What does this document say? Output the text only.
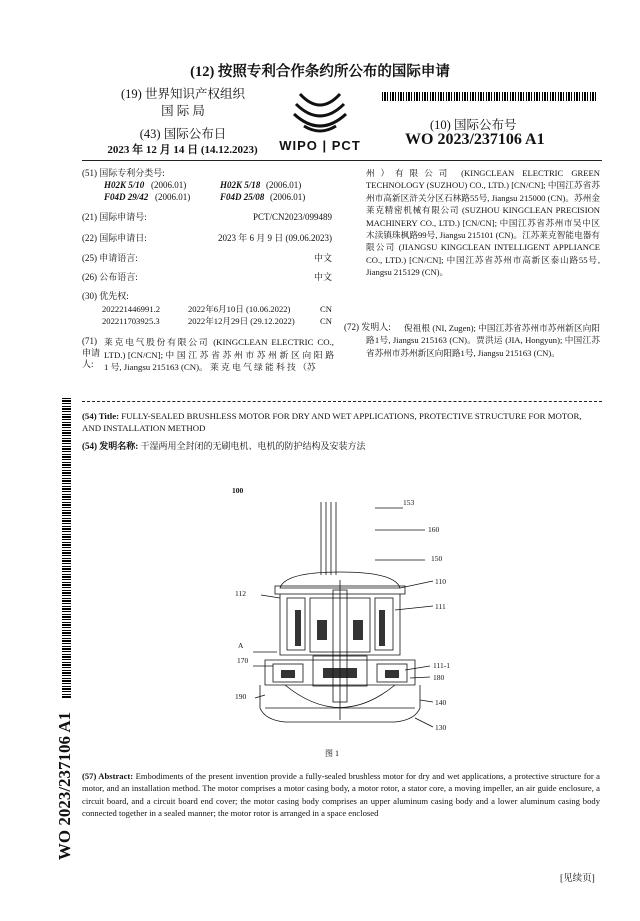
(12) 按照专利合作条约所公布的国际申请
(19) 世界知识产权组织
国 际 局
(43) 国际公布日
2023 年 12 月 14 日 (14.12.2023)	WIPO | PCT
(10) 国际公布号
WO 2023/237106 A1
(51) 国际专利分类号:
H02K 5/10 (2006.01)	H02K 5/18 (2006.01)
F04D 29/42 (2006.01)	F04D 25/08 (2006.01)
(21) 国际申请号:	PCT/CN2023/099489
(22) 国际申请日:	2023 年 6 月 9 日 (09.06.2023)
(25) 申请语言:	中文
(26) 公布语言:	中文
(30) 优先权:
202221446991.2	2022年6月10日 (10.06.2022)	CN
202211703925.3	2022年12月29日 (29.12.2022)	CN
(71) 申请人:
莱克电气股份有限公司 (KINGCLEAN ELECTRIC CO., LTD.) [CN/CN]; 中 国 江 苏 省 苏 州 市 苏 州 新 区 向 阳 路 1 号, Jiangsu 215163 (CN)。 莱 克 电 气 绿 能 科 技 （苏
州）有限公司 (KINGCLEAN ELECTRIC GREEN TECHNOLOGY (SUZHOU) CO., LTD.) [CN/CN]; 中国江苏省苏州市高新区浒关分区石林路55号, Jiangsu 215000 (CN)。苏州金莱克精密机械有限公司 (SUZHOU KINGCLEAN PRECISION MACHINERY CO., LTD.) [CN/CN]; 中国江苏省苏州市吴中区木渎镇珠枫路99号, Jiangsu 215101 (CN)。江苏莱克智能电器有限公司 (JIANGSU KINGCLEAN INTELLIGENT APPLIANCE CO., LTD.) [CN/CN]; 中国江苏省苏州市高新区泰山路55号, Jiangsu 215129 (CN)。
(72) 发明人:	倪祖根 (NI, Zugen); 中国江苏省苏州市苏州新区向阳路1号, Jiangsu 215163 (CN)。贾洪运 (JIA, Hongyun); 中国江苏省苏州市苏州新区向阳路1号, Jiangsu 215163 (CN)。
(54) Title: FULLY-SEALED BRUSHLESS MOTOR FOR DRY AND WET APPLICATIONS, PROTECTIVE STRUCTURE FOR MOTOR, AND INSTALLATION METHOD
(54) 发明名称: 干湿两用全封闭的无刷电机、电机的防护结构及安装方法
100
153
160
150
110
111
112
A
170
111-1
180
190
140
130
图 1
(57) Abstract: Embodiments of the present invention provide a fully-sealed brushless motor for dry and wet applications, a protective structure for a motor, and an installation method. The motor comprises a motor casing body, a motor rotor, a stator core, a moving impeller, an air guide enclosure, a circuit board, and a circuit board end cover; the motor casing body comprises an upper aluminum casing body and a lower aluminum casing body connected together in a sealed manner; the motor rotor is arranged in a space enclosed
WO 2023/237106 A1
[见续页]
